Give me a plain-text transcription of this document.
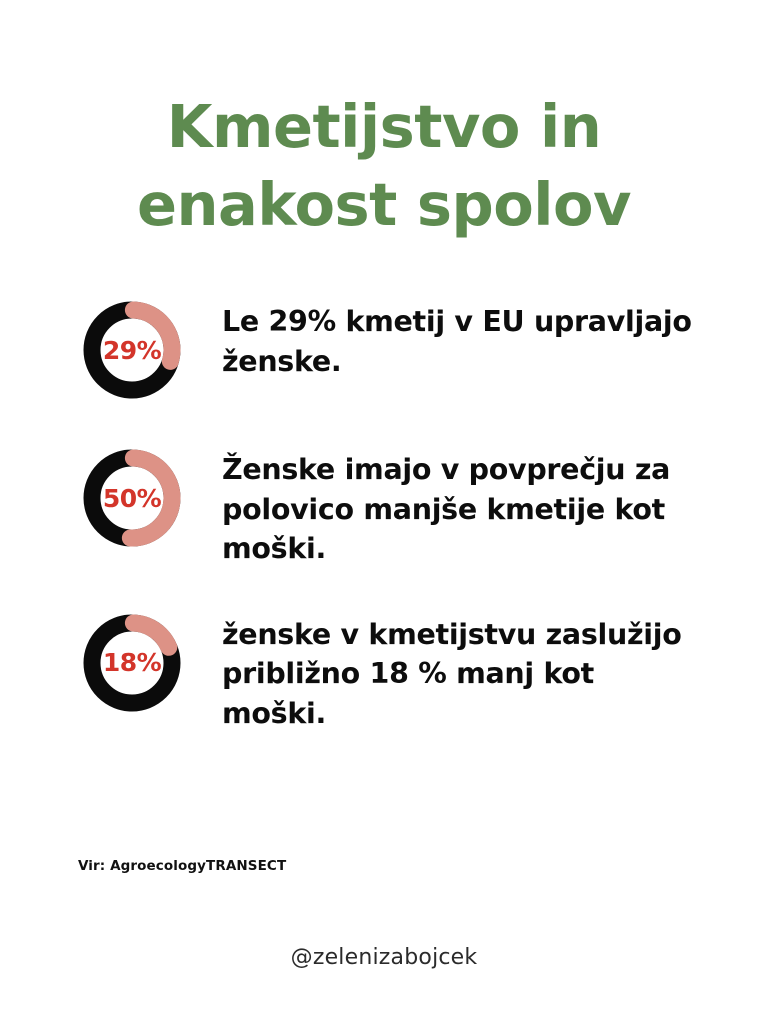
Kmetijstvo in
enakost spolov
29%
Le 29% kmetij v EU upravljajo ženske.
50%
Ženske imajo v povprečju za polovico manjše kmetije kot moški.
18%
ženske v kmetijstvu zaslužijo približno 18 % manj kot moški.
Vir: AgroecologyTRANSECT
@zelenizabojcek
